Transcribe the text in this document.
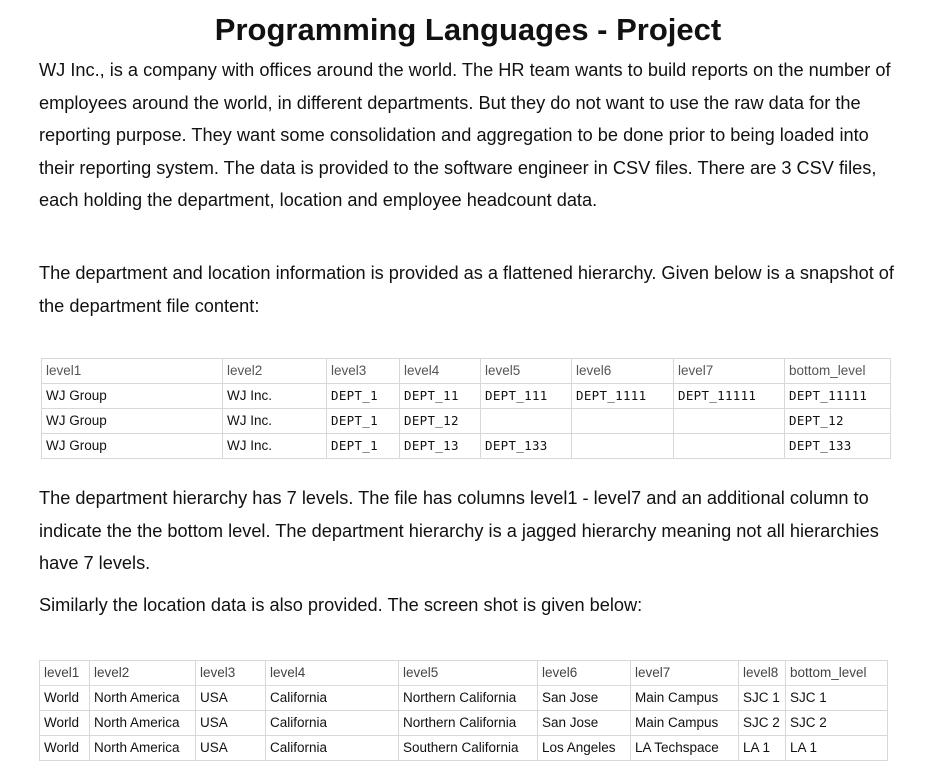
Programming Languages - Project

WJ Inc., is a company with offices around the world. The HR team wants to build reports on the number of employees around the world, in different departments. But they do not want to use the raw data for the reporting purpose. They want some consolidation and aggregation to be done prior to being loaded into their reporting system. The data is provided to the software engineer in CSV files. There are 3 CSV files, each holding the department, location and employee headcount data.

The department and location information is provided as a flattened hierarchy. Given below is a snapshot of the department file content:

level1	level2	level3	level4	level5	level6	level7	bottom_level
WJ Group	WJ Inc.	DEPT_1	DEPT_11	DEPT_111	DEPT_1111	DEPT_11111	DEPT_11111
WJ Group	WJ Inc.	DEPT_1	DEPT_12				DEPT_12
WJ Group	WJ Inc.	DEPT_1	DEPT_13	DEPT_133			DEPT_133

The department hierarchy has 7 levels. The file has columns level1 - level7 and an additional column to indicate the the bottom level. The department hierarchy is a jagged hierarchy meaning not all hierarchies have 7 levels.

Similarly the location data is also provided. The screen shot is given below:

level1	level2	level3	level4	level5	level6	level7	level8	bottom_level
World	North America	USA	California	Northern California	San Jose	Main Campus	SJC 1	SJC 1
World	North America	USA	California	Northern California	San Jose	Main Campus	SJC 2	SJC 2
World	North America	USA	California	Southern California	Los Angeles	LA Techspace	LA 1	LA 1
